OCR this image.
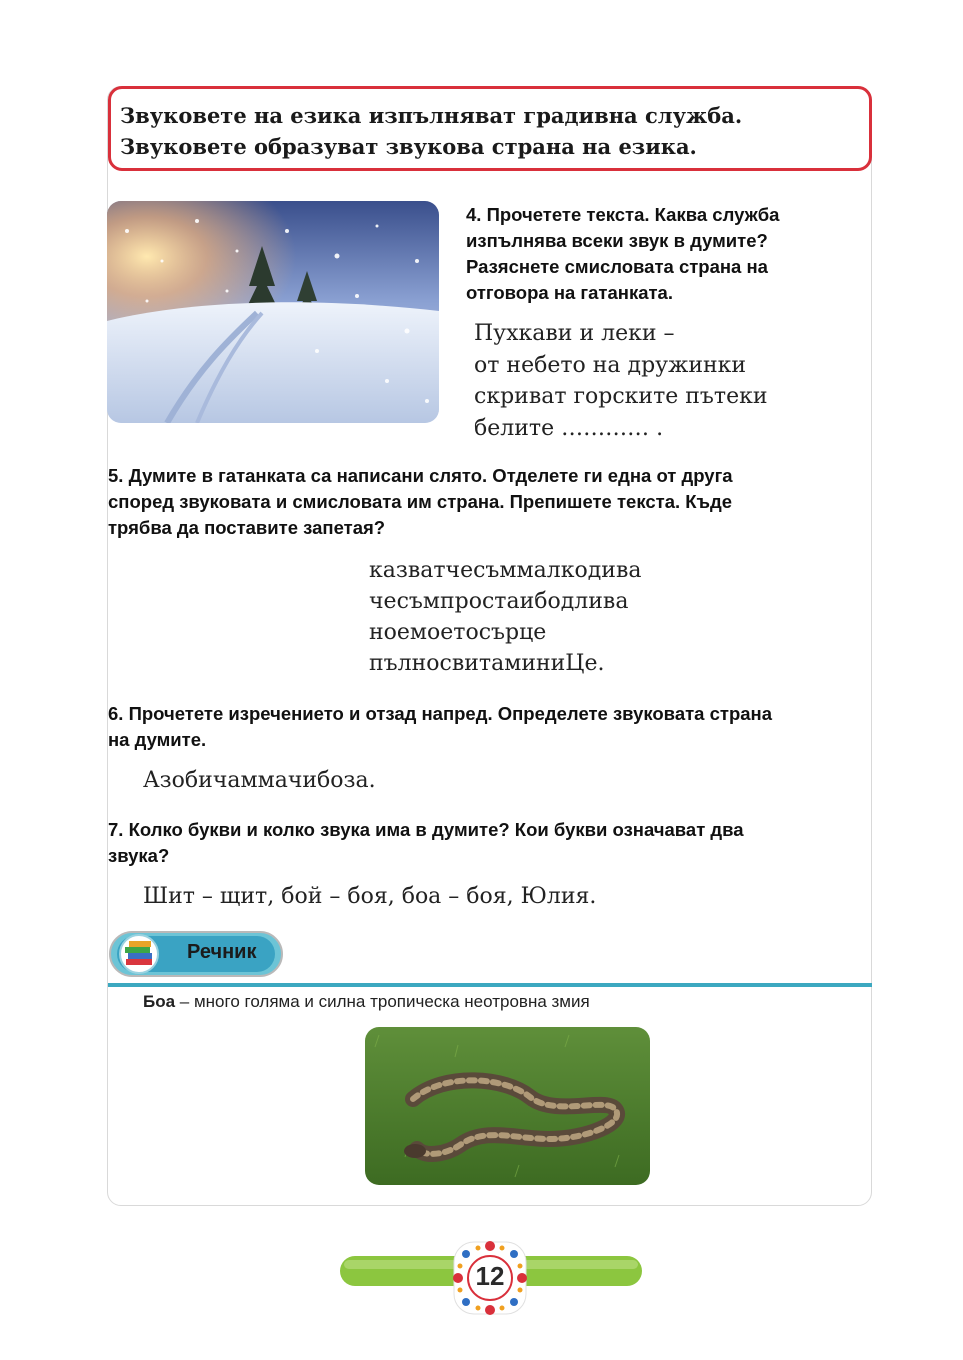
Звуковете на езика изпълняват градивна служба.
Звуковете образуват звукова страна на езика.
4. Прочетете текста. Каква служба
изпълнява всеки звук в думите?
Разяснете смисловата страна на
отговора на гатанката.
Пухкави и леки –
от небето на дружинки
скриват горските пътеки
белите ………… .
5. Думите в гатанката са написани слято. Отделете ги една от друга
според звуковата и смисловата им страна. Препишете текста. Къде
трябва да поставите запетая?
казватчесъммалкодива
чесъмпростаибодлива
ноемоетосърце
пълносвитаминиЦе.
6. Прочетете изречението и отзад напред. Определете звуковата страна
на думите.
Азобичаммачибоза.
7. Колко букви и колко звука има в думите? Кои букви означават два
звука?
Шит – щит, бой – боя, боа – боя, Юлия.
Речник
Боа – много голяма и силна тропическа неотровна змия
12
